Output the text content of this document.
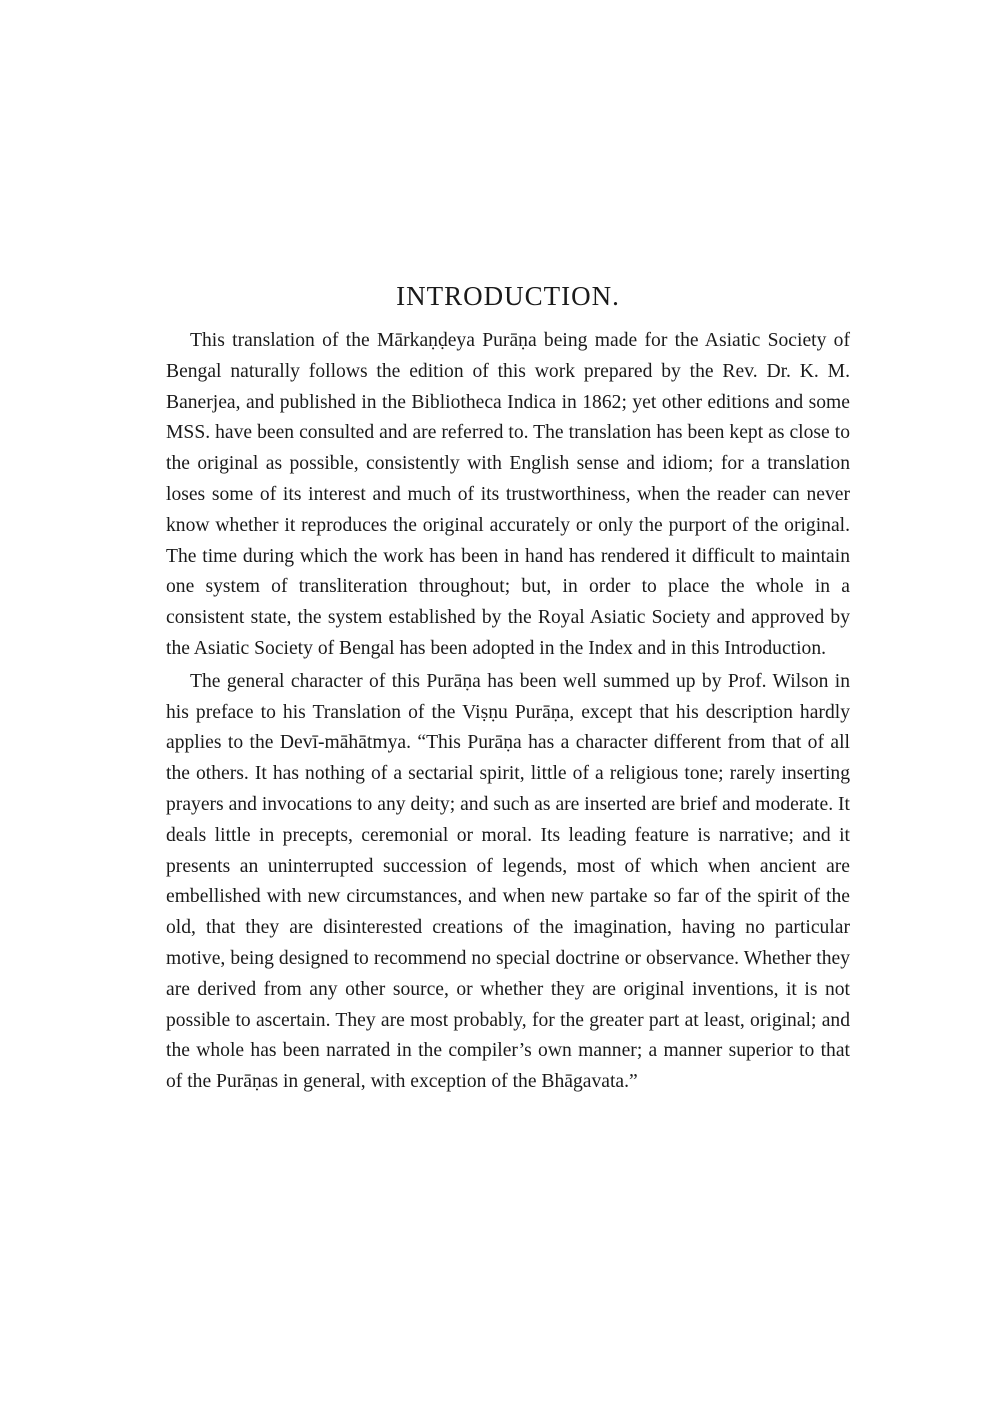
INTRODUCTION.

This translation of the Mārkaṇḍeya Purāṇa being made for the Asiatic Society of Bengal naturally follows the edition of this work prepared by the Rev. Dr. K. M. Banerjea, and published in the Bibliotheca Indica in 1862; yet other editions and some MSS. have been consulted and are referred to. The translation has been kept as close to the original as possible, consistently with English sense and idiom; for a translation loses some of its interest and much of its trustworthiness, when the reader can never know whether it reproduces the original accurately or only the purport of the original. The time during which the work has been in hand has rendered it difficult to maintain one system of transliteration throughout; but, in order to place the whole in a consistent state, the system established by the Royal Asiatic Society and approved by the Asiatic Society of Bengal has been adopted in the Index and in this Introduction.

The general character of this Purāṇa has been well summed up by Prof. Wilson in his preface to his Translation of the Viṣṇu Purāṇa, except that his description hardly applies to the Devī-māhātmya. “This Purāṇa has a character different from that of all the others. It has nothing of a sectarial spirit, little of a religious tone; rarely inserting prayers and invocations to any deity; and such as are inserted are brief and moderate. It deals little in precepts, ceremonial or moral. Its leading feature is narrative; and it presents an uninterrupted succession of legends, most of which when ancient are embellished with new circumstances, and when new partake so far of the spirit of the old, that they are disinterested creations of the imagination, having no particular motive, being designed to recommend no special doctrine or observance. Whether they are derived from any other source, or whether they are original inventions, it is not possible to ascertain. They are most probably, for the greater part at least, original; and the whole has been narrated in the compiler’s own manner; a manner superior to that of the Purāṇas in general, with exception of the Bhāgavata.”
